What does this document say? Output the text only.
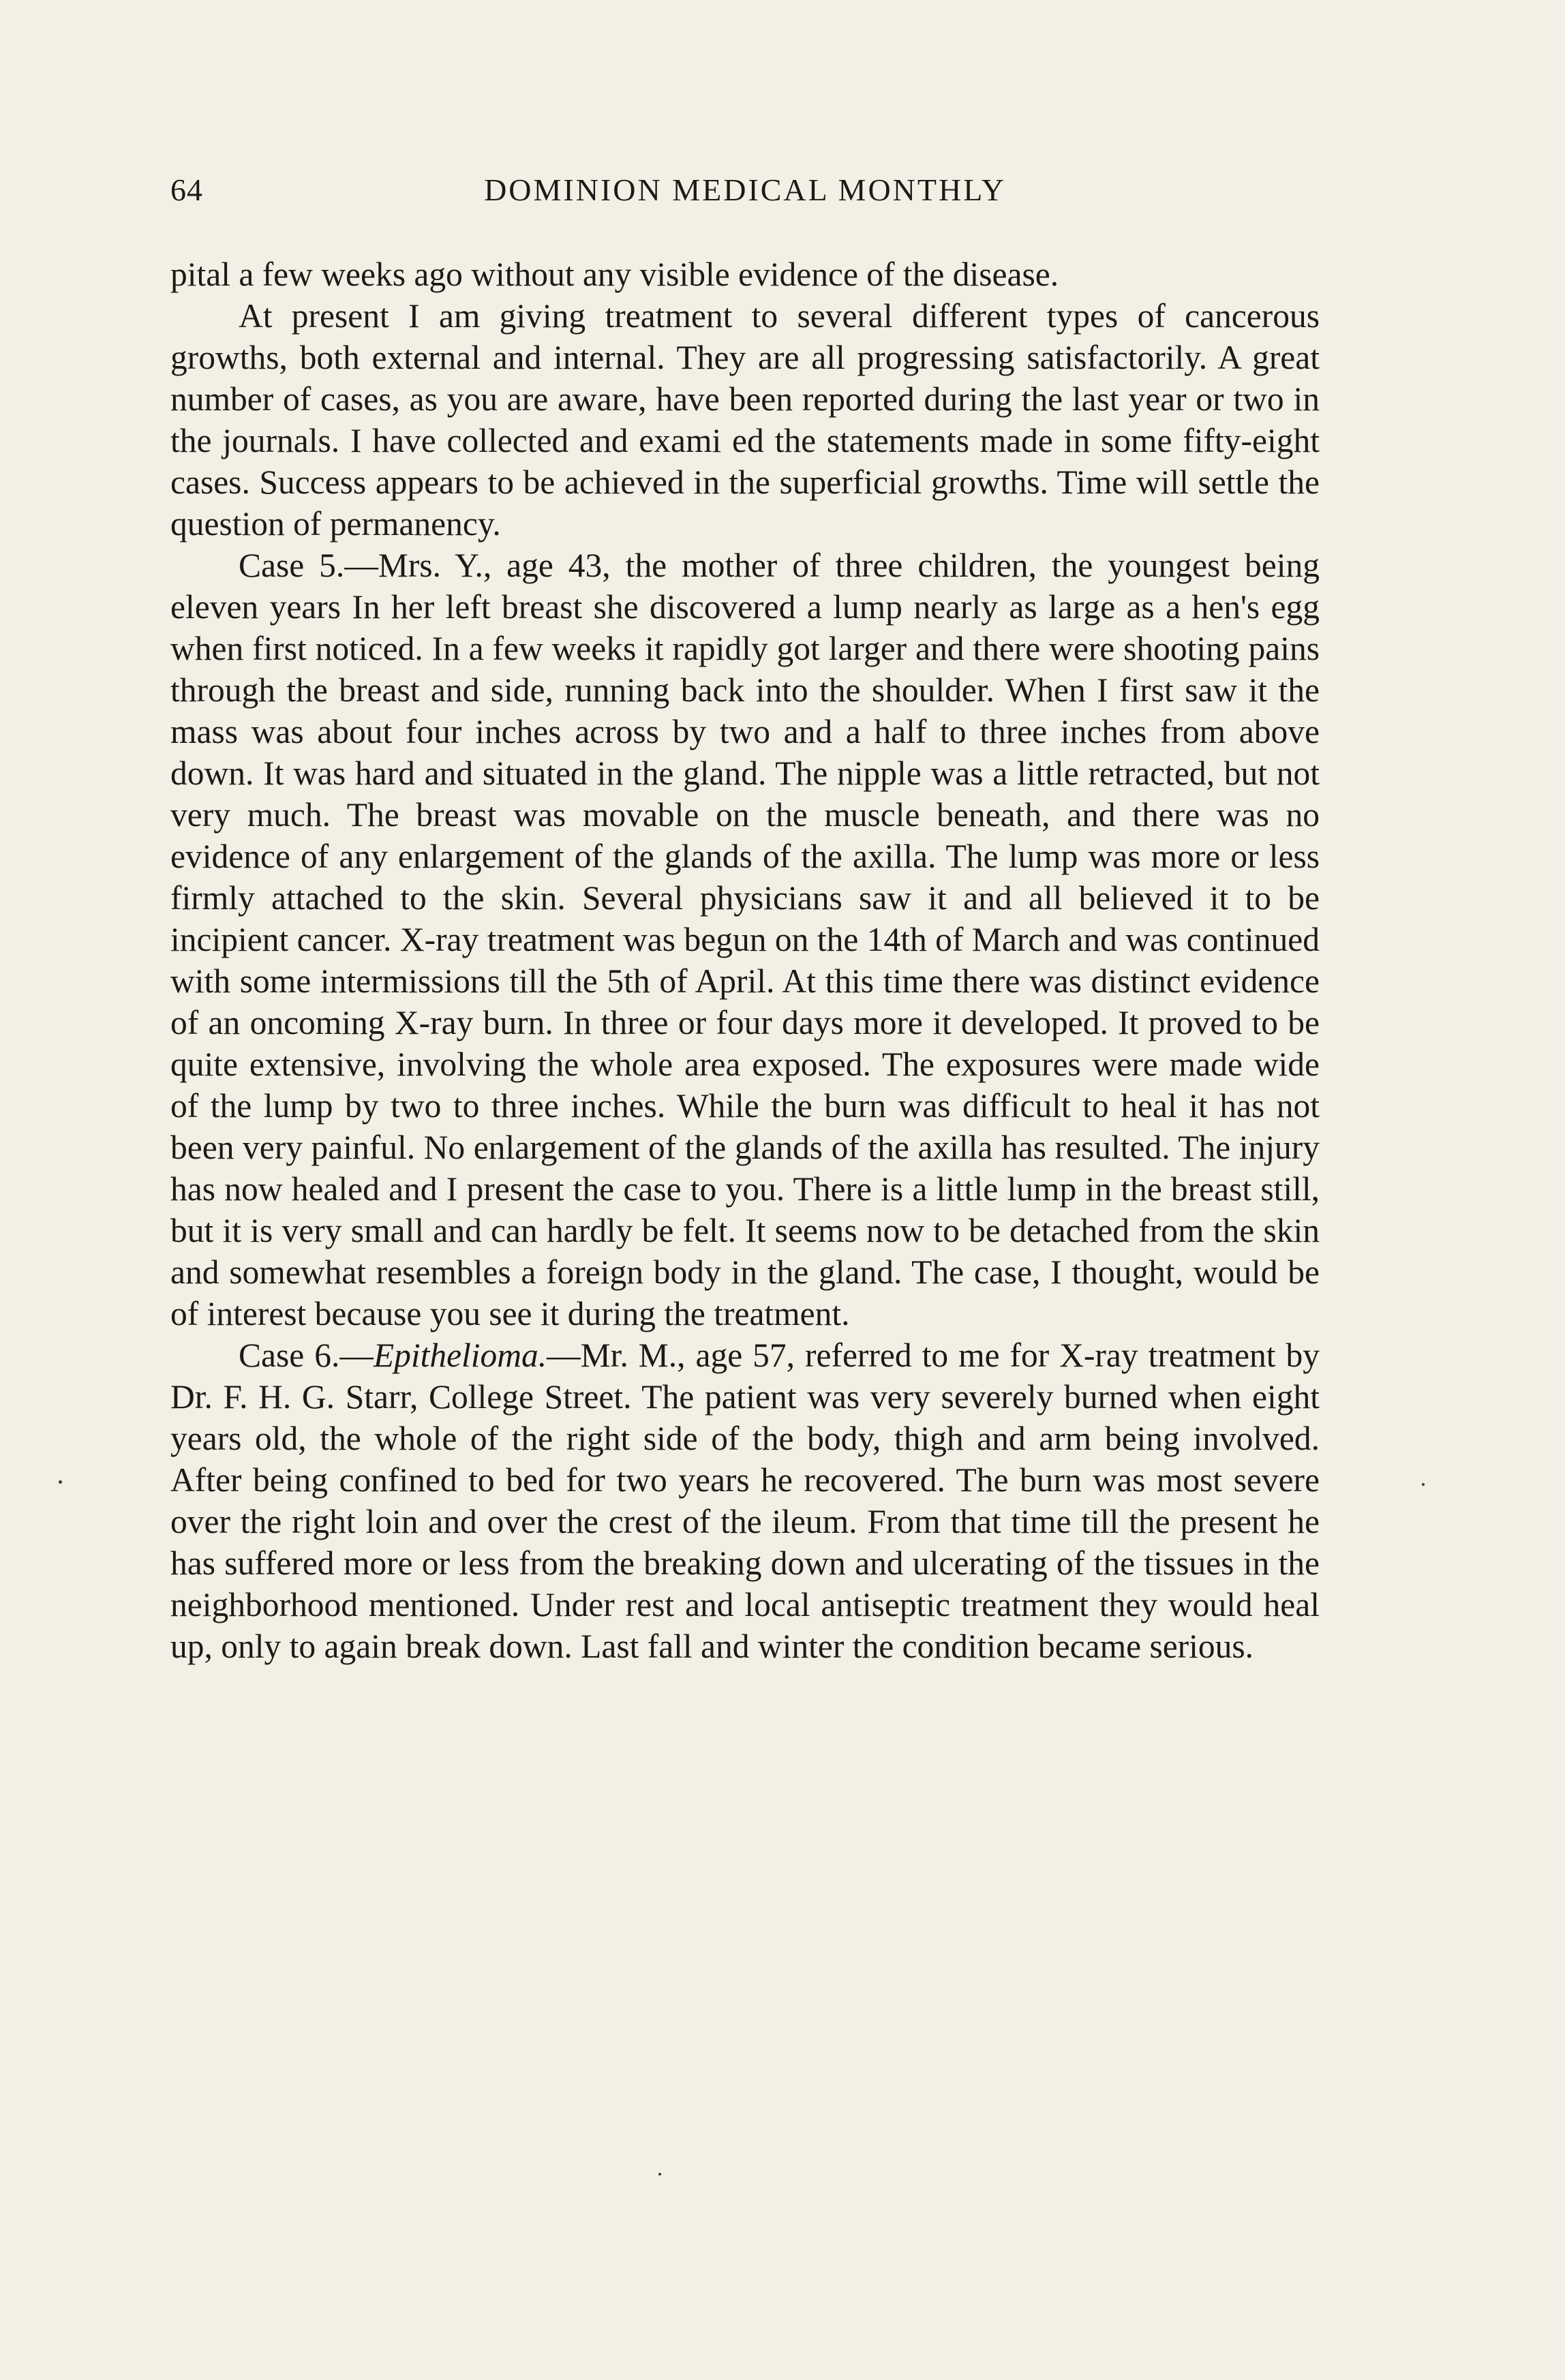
64	DOMINION MEDICAL MONTHLY

pital a few weeks ago without any visible evidence of the disease.

At present I am giving treatment to several different types of cancerous growths, both external and internal. They are all progressing satisfactorily. A great number of cases, as you are aware, have been reported during the last year or two in the journals. I have collected and exami ed the statements made in some fifty-eight cases. Success appears to be achieved in the superficial growths. Time will settle the question of permanency.

Case 5.—Mrs. Y., age 43, the mother of three children, the youngest being eleven years In her left breast she discovered a lump nearly as large as a hen's egg when first noticed. In a few weeks it rapidly got larger and there were shooting pains through the breast and side, running back into the shoulder. When I first saw it the mass was about four inches across by two and a half to three inches from above down. It was hard and situated in the gland. The nipple was a little retracted, but not very much. The breast was movable on the muscle beneath, and there was no evidence of any enlargement of the glands of the axilla. The lump was more or less firmly attached to the skin. Several physicians saw it and all believed it to be incipient cancer. X-ray treatment was begun on the 14th of March and was continued with some intermissions till the 5th of April. At this time there was distinct evidence of an oncoming X-ray burn. In three or four days more it developed. It proved to be quite extensive, involving the whole area exposed. The exposures were made wide of the lump by two to three inches. While the burn was difficult to heal it has not been very painful. No enlargement of the glands of the axilla has resulted. The injury has now healed and I present the case to you. There is a little lump in the breast still, but it is very small and can hardly be felt. It seems now to be detached from the skin and somewhat resembles a foreign body in the gland. The case, I thought, would be of interest because you see it during the treatment.

Case 6.—Epithelioma.—Mr. M., age 57, referred to me for X-ray treatment by Dr. F. H. G. Starr, College Street. The patient was very severely burned when eight years old, the whole of the right side of the body, thigh and arm being involved. After being confined to bed for two years he recovered. The burn was most severe over the right loin and over the crest of the ileum. From that time till the present he has suffered more or less from the breaking down and ulcerating of the tissues in the neighborhood mentioned. Under rest and local antiseptic treatment they would heal up, only to again break down. Last fall and winter the condition became serious.
